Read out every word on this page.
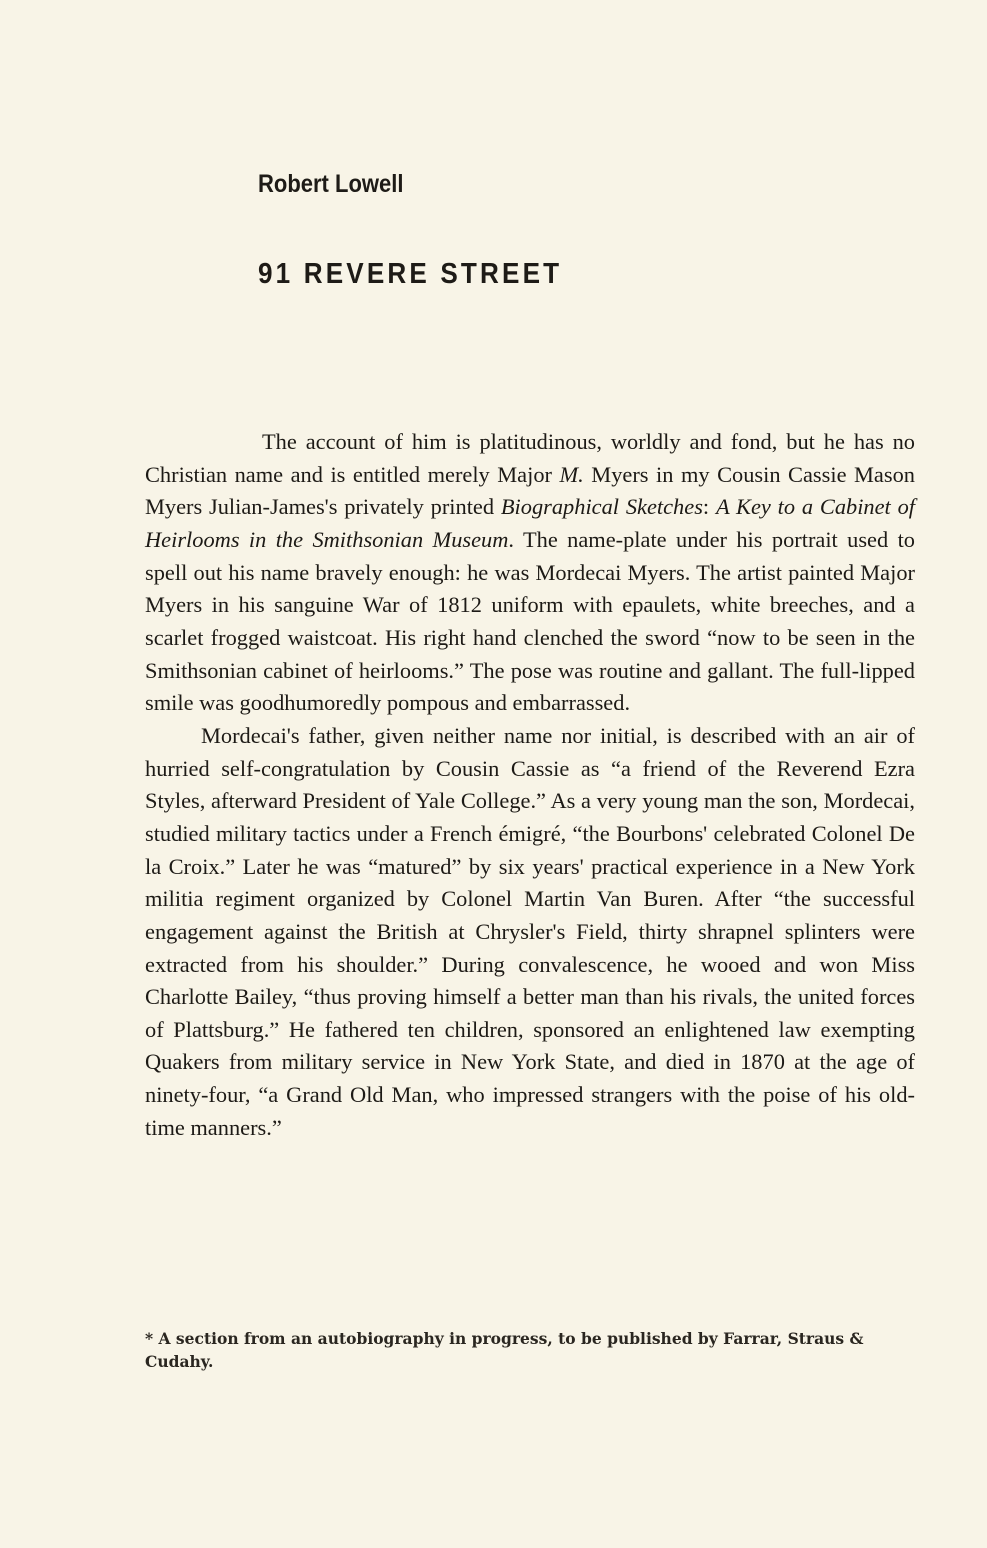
Robert Lowell
91 REVERE STREET

The account of him is platitudinous, worldly and fond, but he has no Christian name and is entitled merely Major M. Myers in my Cousin Cassie Mason Myers Julian-James's privately printed Biographical Sketches: A Key to a Cabinet of Heirlooms in the Smithsonian Museum. The name-plate under his portrait used to spell out his name bravely enough: he was Mordecai Myers. The artist painted Major Myers in his sanguine War of 1812 uniform with epaulets, white breeches, and a scarlet frogged waistcoat. His right hand clenched the sword “now to be seen in the Smithsonian cabinet of heirlooms.” The pose was routine and gallant. The full-lipped smile was goodhumoredly pompous and embarrassed.

Mordecai's father, given neither name nor initial, is described with an air of hurried self-congratulation by Cousin Cassie as “a friend of the Reverend Ezra Styles, afterward President of Yale College.” As a very young man the son, Mordecai, studied military tactics under a French émigré, “the Bourbons' celebrated Colonel De la Croix.” Later he was “matured” by six years' practical experience in a New York militia regiment organized by Colonel Martin Van Buren. After “the successful engagement against the British at Chrysler's Field, thirty shrapnel splinters were extracted from his shoulder.” During convalescence, he wooed and won Miss Charlotte Bailey, “thus proving himself a better man than his rivals, the united forces of Plattsburg.” He fathered ten children, sponsored an enlightened law exempting Quakers from military service in New York State, and died in 1870 at the age of ninety-four, “a Grand Old Man, who impressed strangers with the poise of his old-time manners.”

* A section from an autobiography in progress, to be published by Farrar, Straus & Cudahy.
